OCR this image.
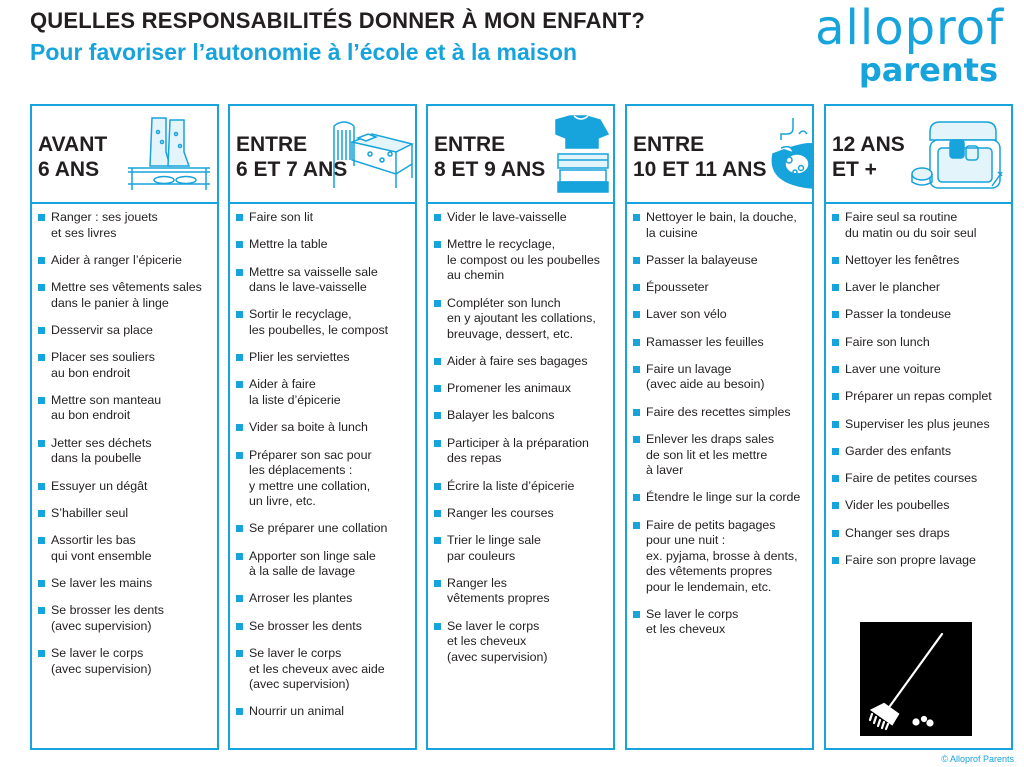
QUELLES RESPONSABILITÉS DONNER À MON ENFANT?
Pour favoriser l’autonomie à l’école et à la maison	alloprof
parents
AVANT
6 ANS
Ranger : ses jouets
et ses livres
Aider à ranger l’épicerie
Mettre ses vêtements sales
dans le panier à linge
Desservir sa place
Placer ses souliers
au bon endroit
Mettre son manteau
au bon endroit
Jetter ses déchets
dans la poubelle
Essuyer un dégât
S’habiller seul
Assortir les bas
qui vont ensemble
Se laver les mains
Se brosser les dents
(avec supervision)
Se laver le corps
(avec supervision)
ENTRE
6 ET 7 ANS
Faire son lit
Mettre la table
Mettre sa vaisselle sale
dans le lave-vaisselle
Sortir le recyclage,
les poubelles, le compost
Plier les serviettes
Aider à faire
la liste d’épicerie
Vider sa boite à lunch
Préparer son sac pour
les déplacements :
y mettre une collation,
un livre, etc.
Se préparer une collation
Apporter son linge sale
à la salle de lavage
Arroser les plantes
Se brosser les dents
Se laver le corps
et les cheveux avec aide
(avec supervision)
Nourrir un animal
ENTRE
8 ET 9 ANS
Vider le lave-vaisselle
Mettre le recyclage,
le compost ou les poubelles
au chemin
Compléter son lunch
en y ajoutant les collations,
breuvage, dessert, etc.
Aider à faire ses bagages
Promener les animaux
Balayer les balcons
Participer à la préparation
des repas
Écrire la liste d’épicerie
Ranger les courses
Trier le linge sale
par couleurs
Ranger les
vêtements propres
Se laver le corps
et les cheveux
(avec supervision)
ENTRE
10 ET 11 ANS
Nettoyer le bain, la douche,
la cuisine
Passer la balayeuse
Épousseter
Laver son vélo
Ramasser les feuilles
Faire un lavage
(avec aide au besoin)
Faire des recettes simples
Enlever les draps sales
de son lit et les mettre
à laver
Étendre le linge sur la corde
Faire de petits bagages
pour une nuit :
ex. pyjama, brosse à dents,
des vêtements propres
pour le lendemain, etc.
Se laver le corps
et les cheveux
12 ANS
ET +
Faire seul sa routine
du matin ou du soir seul
Nettoyer les fenêtres
Laver le plancher
Passer la tondeuse
Faire son lunch
Laver une voiture
Préparer un repas complet
Superviser les plus jeunes
Garder des enfants
Faire de petites courses
Vider les poubelles
Changer ses draps
Faire son propre lavage
© Alloprof Parents
